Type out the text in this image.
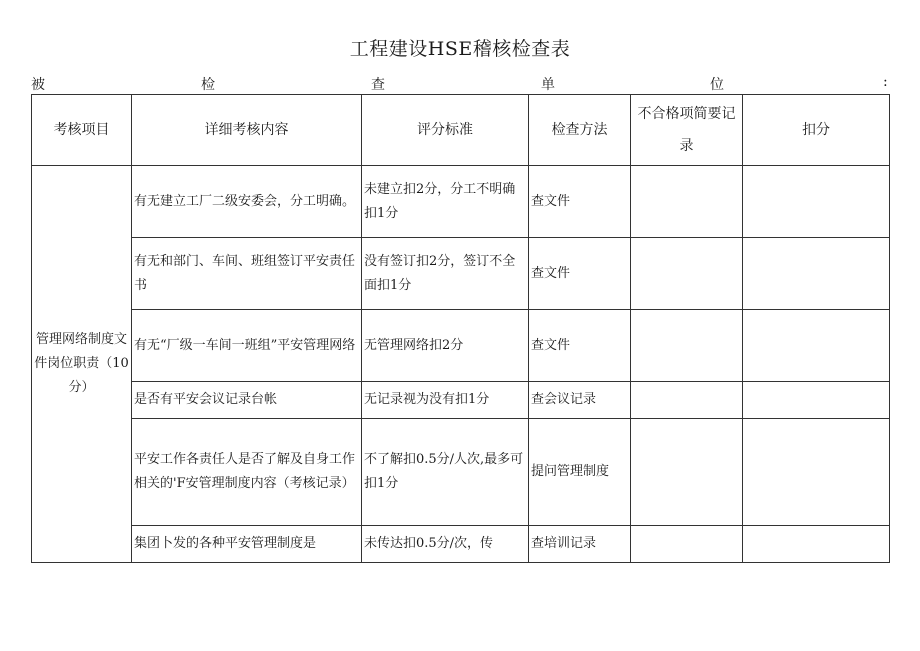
工程建设HSE稽核检查表
被	检	查	单	位	:
考核项目	详细考核内容	评分标准	检查方法	不合格项简要记录	扣分
管理网络制度文件岗位职责（10分）	有无建立工厂二级安委会，分工明确。	未建立扣2分，分工不明确扣1分	查文件		
	有无和部门、车间、班组签订平安责任书	没有签订扣2分，签订不全面扣1分	查文件		
	有无“厂级一车间一班组”平安管理网络	无管理网络扣2分	查文件		
	是否有平安会议记录台帐	无记录视为没有扣1分	查会议记录		
	平安工作各责任人是否了解及自身工作相关的'F安管理制度内容（考核记录）	不了解扣0.5分/人次,最多可扣1分	提问管理制度		
	集团卜发的各种平安管理制度是	未传达扣0.5分/次，传	查培训记录		
